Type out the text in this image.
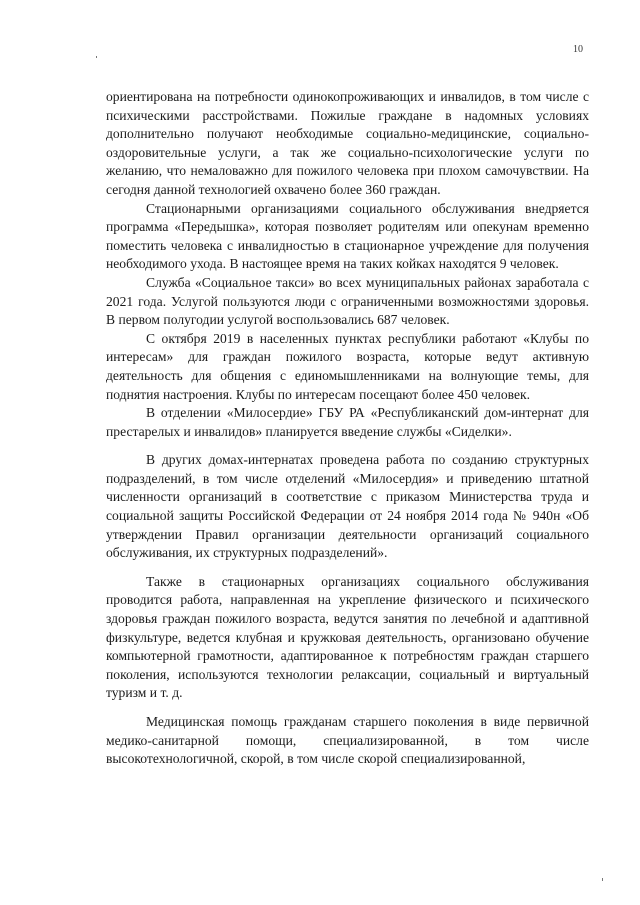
10

ориентирована на потребности одинокопроживающих и инвалидов, в том числе с психическими расстройствами. Пожилые граждане в надомных условиях дополнительно получают необходимые социально-медицинские, социально-оздоровительные услуги, а так же социально-психологические услуги по желанию, что немаловажно для пожилого человека при плохом самочувствии. На сегодня данной технологией охвачено более 360 граждан.

Стационарными организациями социального обслуживания внедряется программа «Передышка», которая позволяет родителям или опекунам временно поместить человека с инвалидностью в стационарное учреждение для получения необходимого ухода. В настоящее время на таких койках находятся 9 человек.

Служба «Социальное такси» во всех муниципальных районах заработала с 2021 года. Услугой пользуются люди с ограниченными возможностями здоровья. В первом полугодии услугой воспользовались 687 человек.

С октября 2019 в населенных пунктах республики работают «Клубы по интересам» для граждан пожилого возраста, которые ведут активную деятельность для общения с единомышленниками на волнующие темы, для поднятия настроения. Клубы по интересам посещают более 450 человек.

В отделении «Милосердие» ГБУ РА «Республиканский дом-интернат для престарелых и инвалидов» планируется введение службы «Сиделки».

В других домах-интернатах проведена работа по созданию структурных подразделений, в том числе отделений «Милосердия» и приведению штатной численности организаций в соответствие с приказом Министерства труда и социальной защиты Российской Федерации от 24 ноября 2014 года № 940н «Об утверждении Правил организации деятельности организаций социального обслуживания, их структурных подразделений».

Также в стационарных организациях социального обслуживания проводится работа, направленная на укрепление физического и психического здоровья граждан пожилого возраста, ведутся занятия по лечебной и адаптивной физкультуре, ведется клубная и кружковая деятельность, организовано обучение компьютерной грамотности, адаптированное к потребностям граждан старшего поколения, используются технологии релаксации, социальный и виртуальный туризм и т. д.

Медицинская помощь гражданам старшего поколения в виде первичной медико-санитарной помощи, специализированной, в том числе высокотехнологичной, скорой, в том числе скорой специализированной,
